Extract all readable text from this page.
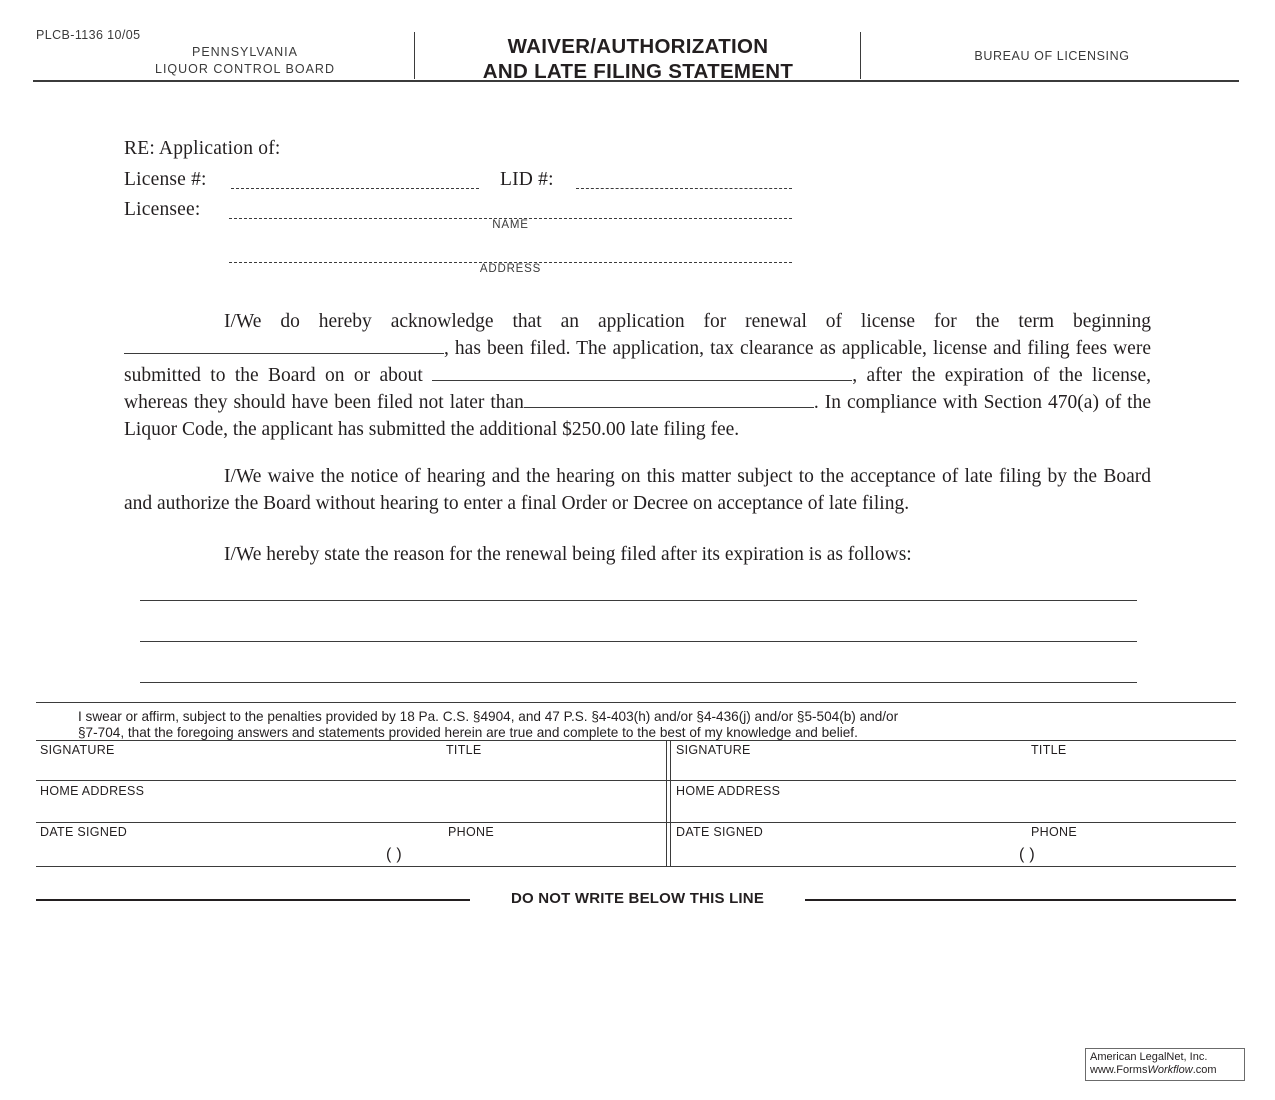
PLCB-1136 10/05
PENNSYLVANIA
LIQUOR CONTROL BOARD
WAIVER/AUTHORIZATION
AND LATE FILING STATEMENT
BUREAU OF LICENSING
RE: Application of:
License #:	LID #:
Licensee:
NAME
ADDRESS
I/We do hereby acknowledge that an application for renewal of license for the term beginning , has been filed. The application, tax clearance as applicable, license and filing fees were submitted to the Board on or about	, after the expiration of the license, whereas they should have been filed not later than	. In compliance with Section 470(a) of the Liquor Code, the applicant has submitted the additional $250.00 late filing fee.
I/We waive the notice of hearing and the hearing on this matter subject to the acceptance of late filing by the Board and authorize the Board without hearing to enter a final Order or Decree on acceptance of late filing.
I/We hereby state the reason for the renewal being filed after its expiration is as follows:
I swear or affirm, subject to the penalties provided by 18 Pa. C.S. §4904, and 47 P.S. §4-403(h) and/or §4-436(j) and/or §5-504(b) and/or
§7-704, that the foregoing answers and statements provided herein are true and complete to the best of my knowledge and belief.
SIGNATURE	TITLE	SIGNATURE	TITLE
HOME ADDRESS	HOME ADDRESS
DATE SIGNED	PHONE	DATE SIGNED	PHONE
( )	( )
DO NOT WRITE BELOW THIS LINE
American LegalNet, Inc.
www.FormsWorkflow.com
